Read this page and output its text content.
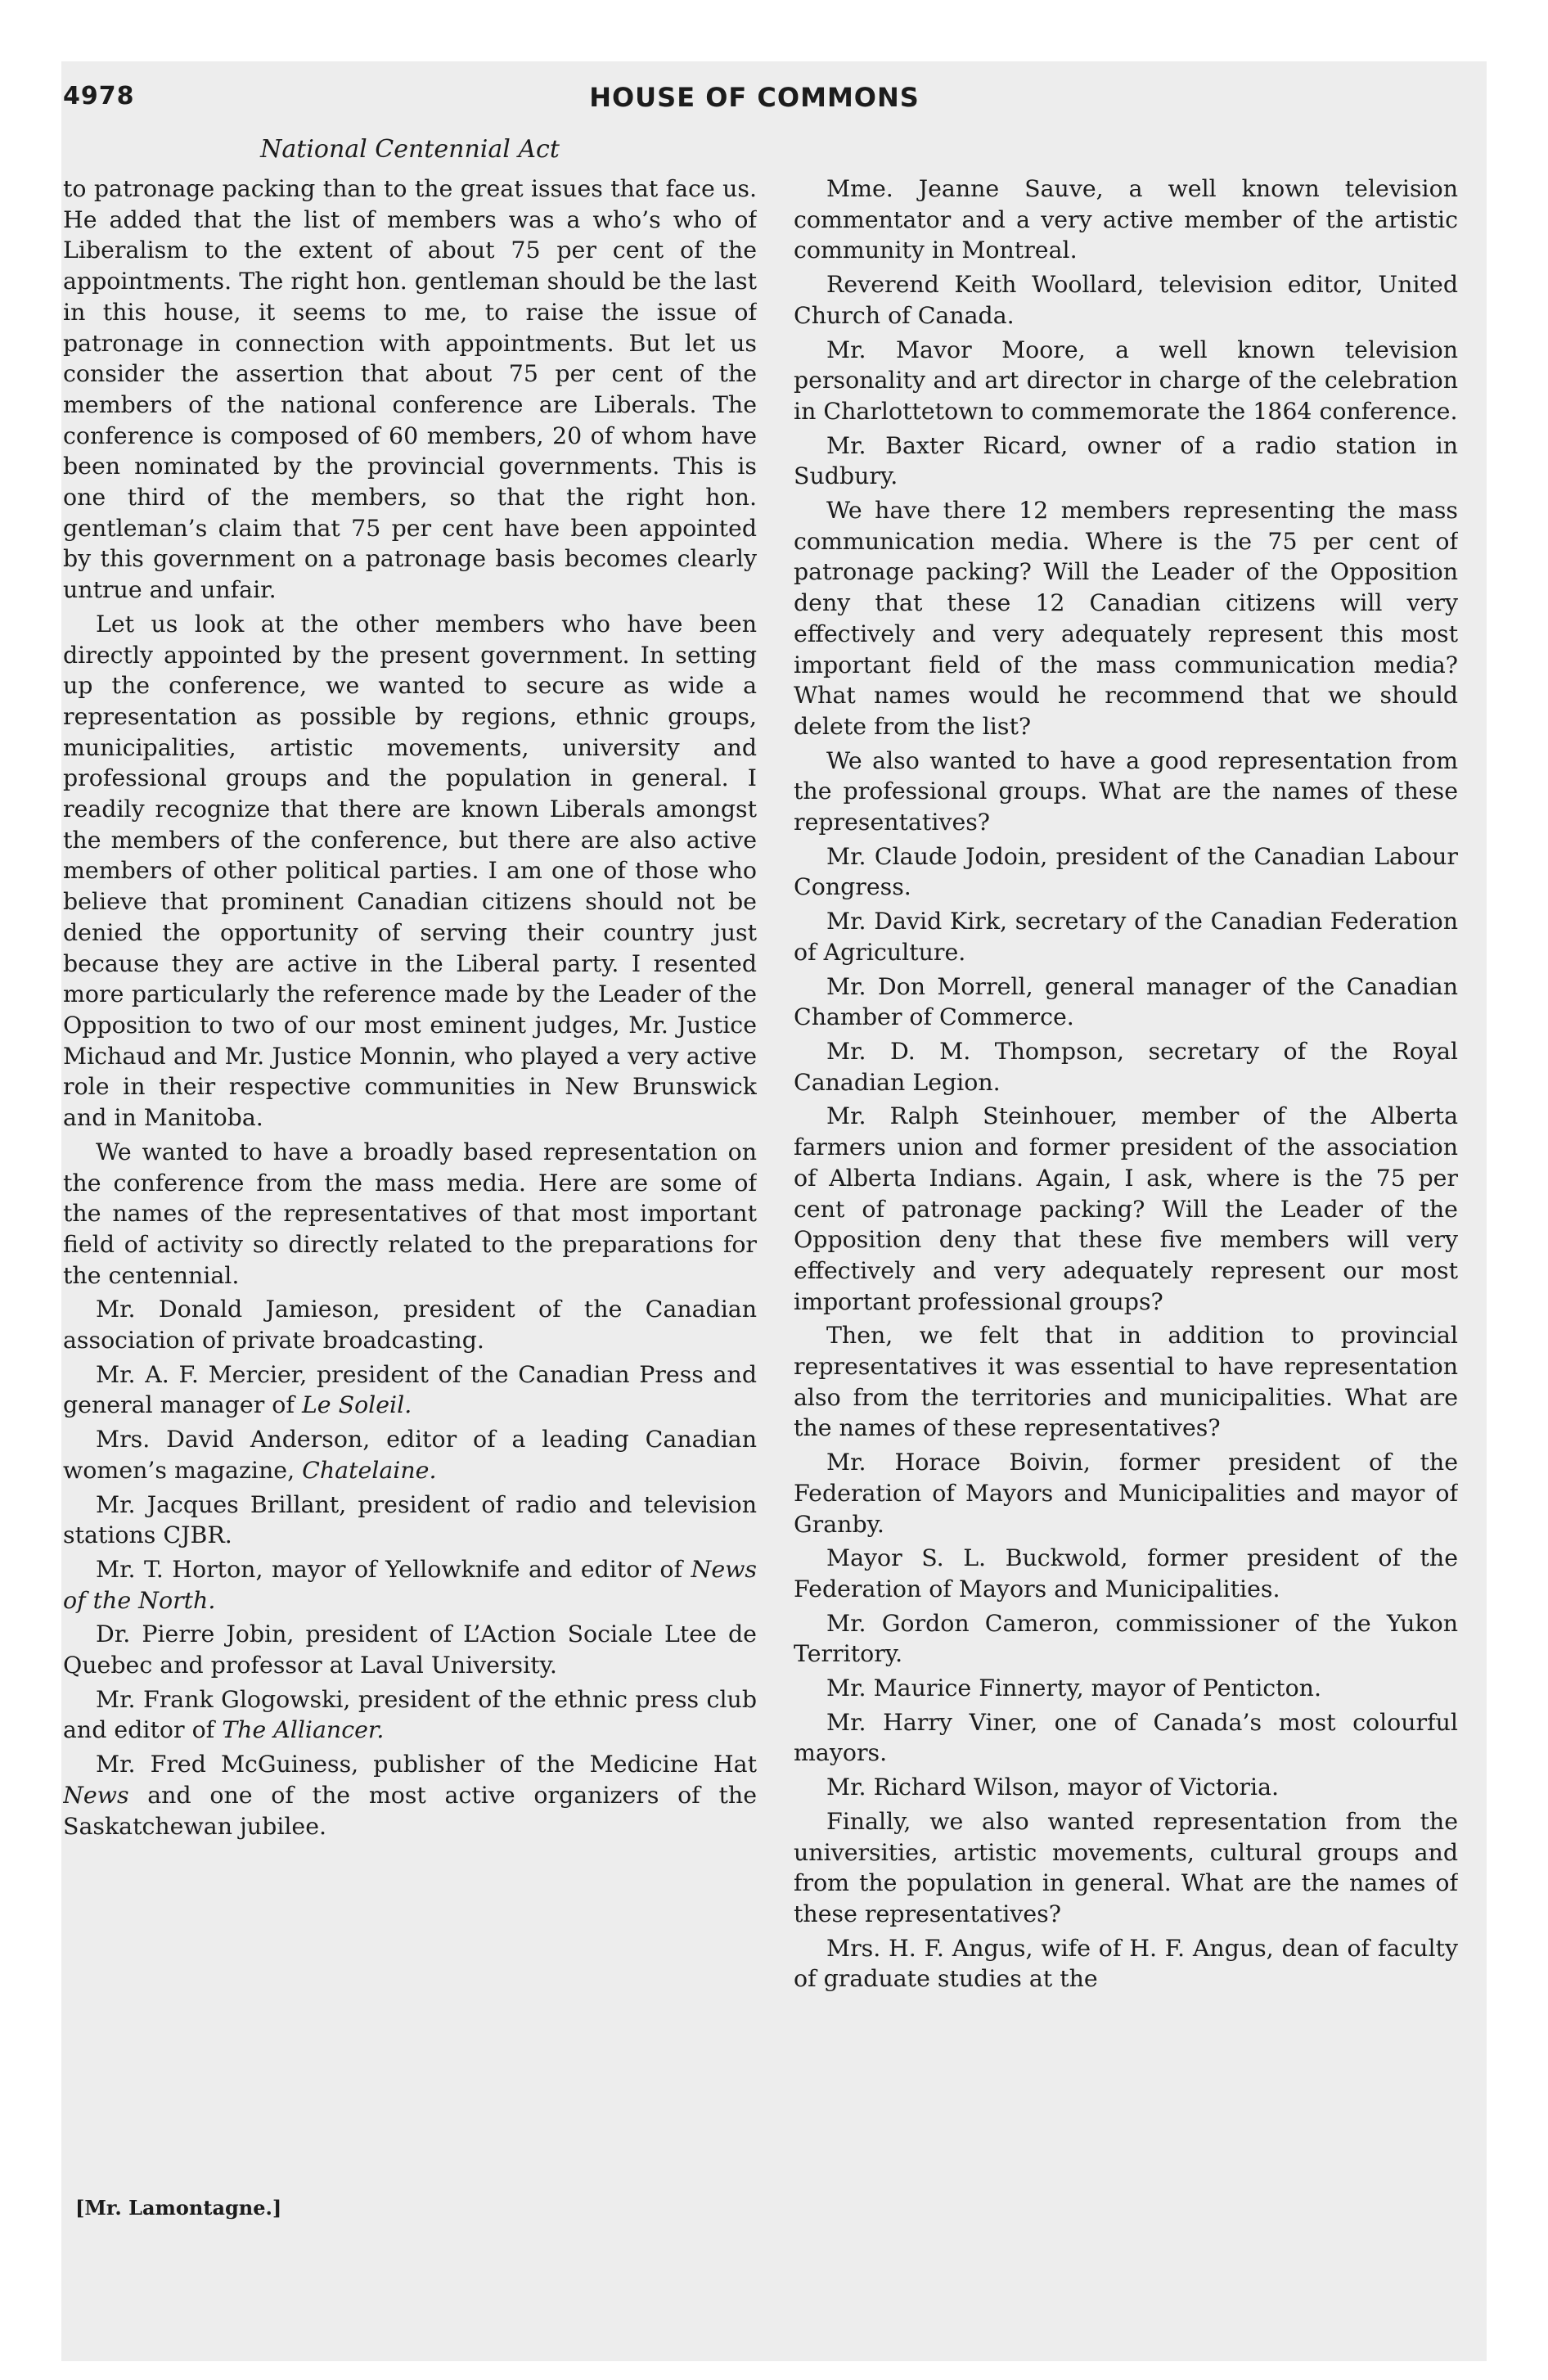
4978	HOUSE OF COMMONS
National Centennial Act

to patronage packing than to the great issues that face us. He added that the list of members was a who’s who of Liberalism to the extent of about 75 per cent of the appointments. The right hon. gentleman should be the last in this house, it seems to me, to raise the issue of patronage in connection with appointments. But let us consider the assertion that about 75 per cent of the members of the national conference are Liberals. The conference is composed of 60 members, 20 of whom have been nominated by the provincial governments. This is one third of the members, so that the right hon. gentleman’s claim that 75 per cent have been appointed by this government on a patronage basis becomes clearly untrue and unfair.

Let us look at the other members who have been directly appointed by the present government. In setting up the conference, we wanted to secure as wide a representation as possible by regions, ethnic groups, municipalities, artistic movements, university and professional groups and the population in general. I readily recognize that there are known Liberals amongst the members of the conference, but there are also active members of other political parties. I am one of those who believe that prominent Canadian citizens should not be denied the opportunity of serving their country just because they are active in the Liberal party. I resented more particularly the reference made by the Leader of the Opposition to two of our most eminent judges, Mr. Justice Michaud and Mr. Justice Monnin, who played a very active role in their respective communities in New Brunswick and in Manitoba.

We wanted to have a broadly based representation on the conference from the mass media. Here are some of the names of the representatives of that most important field of activity so directly related to the preparations for the centennial.

Mr. Donald Jamieson, president of the Canadian association of private broadcasting.

Mr. A. F. Mercier, president of the Canadian Press and general manager of Le Soleil.

Mrs. David Anderson, editor of a leading Canadian women’s magazine, Chatelaine.

Mr. Jacques Brillant, president of radio and television stations CJBR.

Mr. T. Horton, mayor of Yellowknife and editor of News of the North.

Dr. Pierre Jobin, president of L’Action Sociale Ltee de Quebec and professor at Laval University.

Mr. Frank Glogowski, president of the ethnic press club and editor of The Alliancer.

Mr. Fred McGuiness, publisher of the Medicine Hat News and one of the most active organizers of the Saskatchewan jubilee.

Mme. Jeanne Sauve, a well known television commentator and a very active member of the artistic community in Montreal.

Reverend Keith Woollard, television editor, United Church of Canada.

Mr. Mavor Moore, a well known television personality and art director in charge of the celebration in Charlottetown to commemorate the 1864 conference.

Mr. Baxter Ricard, owner of a radio station in Sudbury.

We have there 12 members representing the mass communication media. Where is the 75 per cent of patronage packing? Will the Leader of the Opposition deny that these 12 Canadian citizens will very effectively and very adequately represent this most important field of the mass communication media? What names would he recommend that we should delete from the list?

We also wanted to have a good representation from the professional groups. What are the names of these representatives?

Mr. Claude Jodoin, president of the Canadian Labour Congress.

Mr. David Kirk, secretary of the Canadian Federation of Agriculture.

Mr. Don Morrell, general manager of the Canadian Chamber of Commerce.

Mr. D. M. Thompson, secretary of the Royal Canadian Legion.

Mr. Ralph Steinhouer, member of the Alberta farmers union and former president of the association of Alberta Indians. Again, I ask, where is the 75 per cent of patronage packing? Will the Leader of the Opposition deny that these five members will very effectively and very adequately represent our most important professional groups?

Then, we felt that in addition to provincial representatives it was essential to have representation also from the territories and municipalities. What are the names of these representatives?

Mr. Horace Boivin, former president of the Federation of Mayors and Municipalities and mayor of Granby.

Mayor S. L. Buckwold, former president of the Federation of Mayors and Municipalities.

Mr. Gordon Cameron, commissioner of the Yukon Territory.

Mr. Maurice Finnerty, mayor of Penticton.

Mr. Harry Viner, one of Canada’s most colourful mayors.

Mr. Richard Wilson, mayor of Victoria.

Finally, we also wanted representation from the universities, artistic movements, cultural groups and from the population in general. What are the names of these representatives?

Mrs. H. F. Angus, wife of H. F. Angus, dean of faculty of graduate studies at the

[Mr. Lamontagne.]
